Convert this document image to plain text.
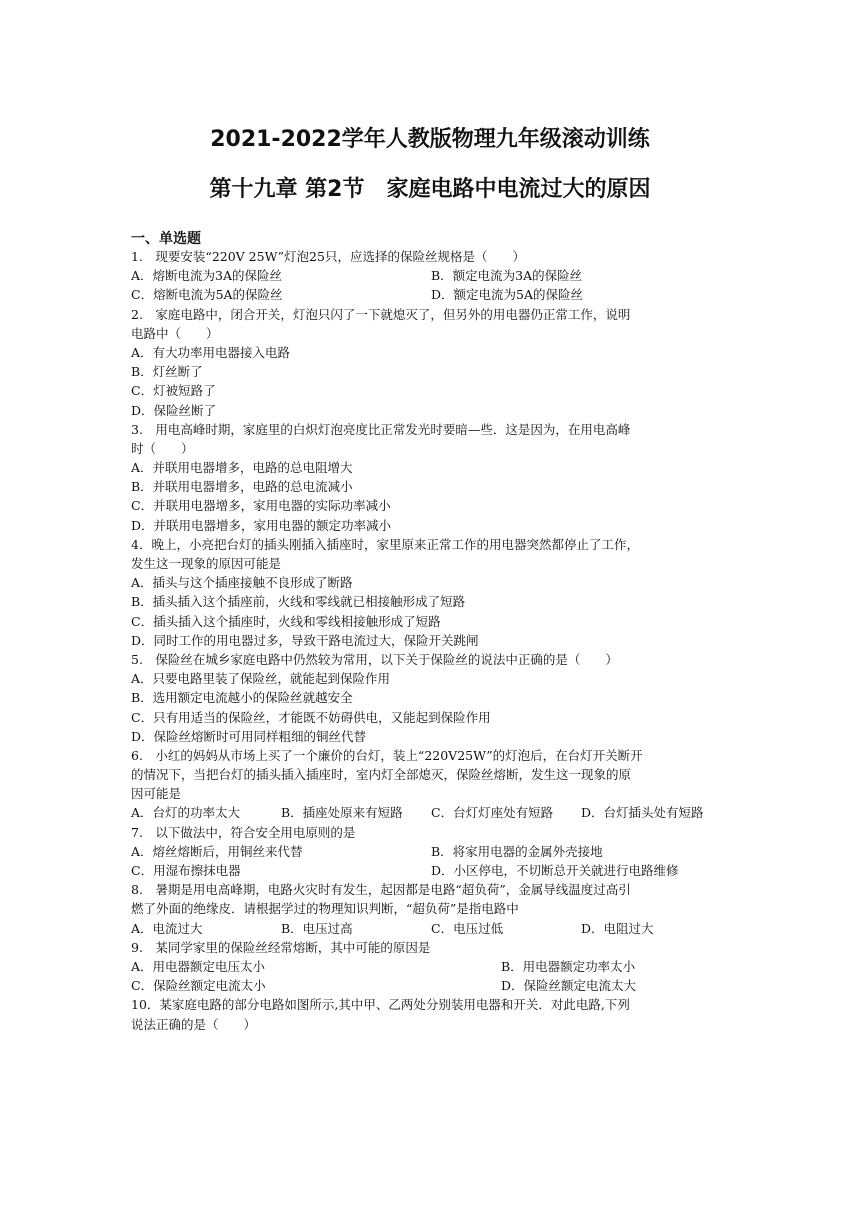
2021-2022学年人教版物理九年级滚动训练
第十九章 第2节　家庭电路中电流过大的原因
一、单选题
1.　现要安装“220V 25W”灯泡25只，应选择的保险丝规格是（　　）
A．熔断电流为3A的保险丝	B．额定电流为3A的保险丝
C．熔断电流为5A的保险丝	D．额定电流为5A的保险丝
2.　家庭电路中，闭合开关，灯泡只闪了一下就熄灭了，但另外的用电器仍正常工作，说明
电路中（　　）
A．有大功率用电器接入电路
B．灯丝断了
C．灯被短路了
D．保险丝断了
3.　用电高峰时期，家庭里的白炽灯泡亮度比正常发光时要暗—些．这是因为，在用电高峰
时（　　）
A．并联用电器增多，电路的总电阻增大
B．并联用电器增多，电路的总电流减小
C．并联用电器增多，家用电器的实际功率减小
D．并联用电器增多，家用电器的额定功率减小
4．晚上，小亮把台灯的插头刚插入插座时，家里原来正常工作的用电器突然都停止了工作，
发生这一现象的原因可能是
A．插头与这个插座接触不良形成了断路
B．插头插入这个插座前，火线和零线就已相接触形成了短路
C．插头插入这个插座时，火线和零线相接触形成了短路
D．同时工作的用电器过多，导致干路电流过大，保险开关跳闸
5.　保险丝在城乡家庭电路中仍然较为常用，以下关于保险丝的说法中正确的是（　　）
A．只要电路里装了保险丝，就能起到保险作用
B．选用额定电流越小的保险丝就越安全
C．只有用适当的保险丝，才能既不妨碍供电，又能起到保险作用
D．保险丝熔断时可用同样粗细的铜丝代替
6.　小红的妈妈从市场上买了一个廉价的台灯，装上“220V25W”的灯泡后，在台灯开关断开
的情况下，当把台灯的插头插入插座时，室内灯全部熄灭，保险丝熔断，发生这一现象的原
因可能是
A．台灯的功率太大	B．插座处原来有短路	C．台灯灯座处有短路	D．台灯插头处有短路
7.　以下做法中，符合安全用电原则的是
A．熔丝熔断后，用铜丝来代替	B．将家用电器的金属外壳接地
C．用湿布擦抹电器	D．小区停电，不切断总开关就进行电路维修
8.　暑期是用电高峰期，电路火灾时有发生，起因都是电路“超负荷”，金属导线温度过高引
燃了外面的绝缘皮．请根据学过的物理知识判断，“超负荷”是指电路中
A．电流过大	B．电压过高	C．电压过低	D．电阻过大
9.　某同学家里的保险丝经常熔断，其中可能的原因是
A．用电器额定电压太小	B．用电器额定功率太小
C．保险丝额定电流太小	D．保险丝额定电流太大
10．某家庭电路的部分电路如图所示,其中甲、乙两处分别装用电器和开关．对此电路,下列
说法正确的是（　　）
